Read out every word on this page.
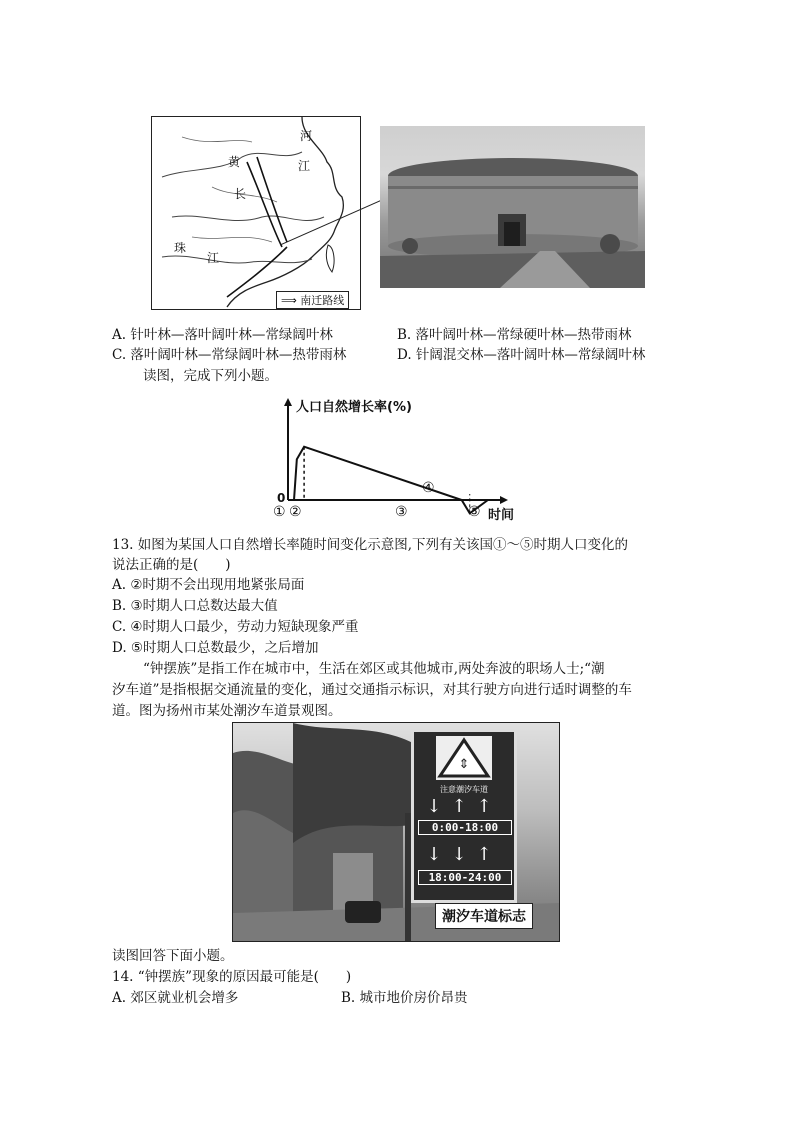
河
黄	江
长
珠
江
⟹ 南迁路线
A. 针叶林—落叶阔叶林—常绿阔叶林	B. 落叶阔叶林—常绿硬叶林—热带雨林
C. 落叶阔叶林—常绿阔叶林—热带雨林	D. 针阔混交林—落叶阔叶林—常绿阔叶林
读图，完成下列小题。
人口自然增长率(%)
0
时间
① ②	③
④
⑤
13. 如图为某国人口自然增长率随时间变化示意图,下列有关该国①～⑤时期人口变化的
说法正确的是(　　)
A. ②时期不会出现用地紧张局面
B. ③时期人口总数达最大值
C. ④时期人口最少，劳动力短缺现象严重
D. ⑤时期人口总数最少，之后增加
“钟摆族”是指工作在城市中，生活在郊区或其他城市,两处奔波的职场人士;“潮
汐车道”是指根据交通流量的变化，通过交通指示标识，对其行驶方向进行适时调整的车
道。图为扬州市某处潮汐车道景观图。
⇕
注意潮汐车道
↓↑↑
0:00-18:00
↓↓↑
18:00-24:00
潮汐车道标志
读图回答下面小题。
14. “钟摆族”现象的原因最可能是(　　)
A. 郊区就业机会增多	B. 城市地价房价昂贵
